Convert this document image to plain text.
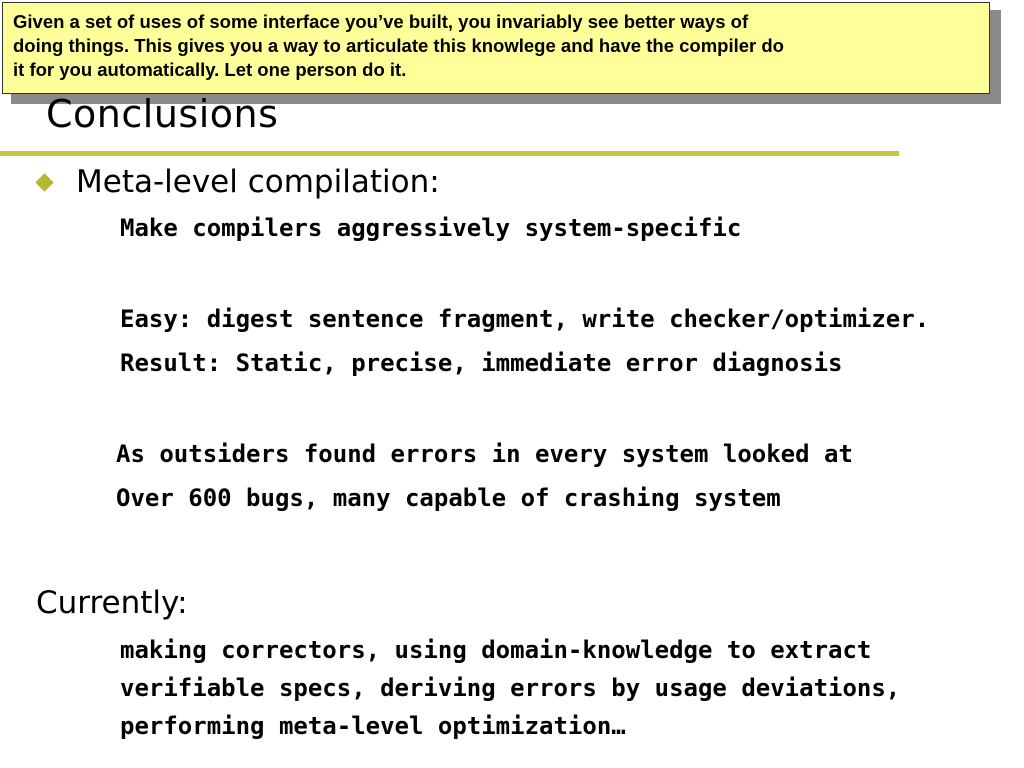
Given a set of uses of some interface you’ve built, you invariably see better ways of
doing things. This gives you a way to articulate this knowlege and have the compiler do
it for you automatically. Let one person do it.
Conclusions
Meta-level compilation:
Make compilers aggressively system-specific
Easy: digest sentence fragment, write checker/optimizer.
Result: Static, precise, immediate error diagnosis
As outsiders found errors in every system looked at
Over 600 bugs, many capable of crashing system
Currently:
making correctors, using domain-knowledge to extract
verifiable specs, deriving errors by usage deviations,
performing meta-level optimization…
